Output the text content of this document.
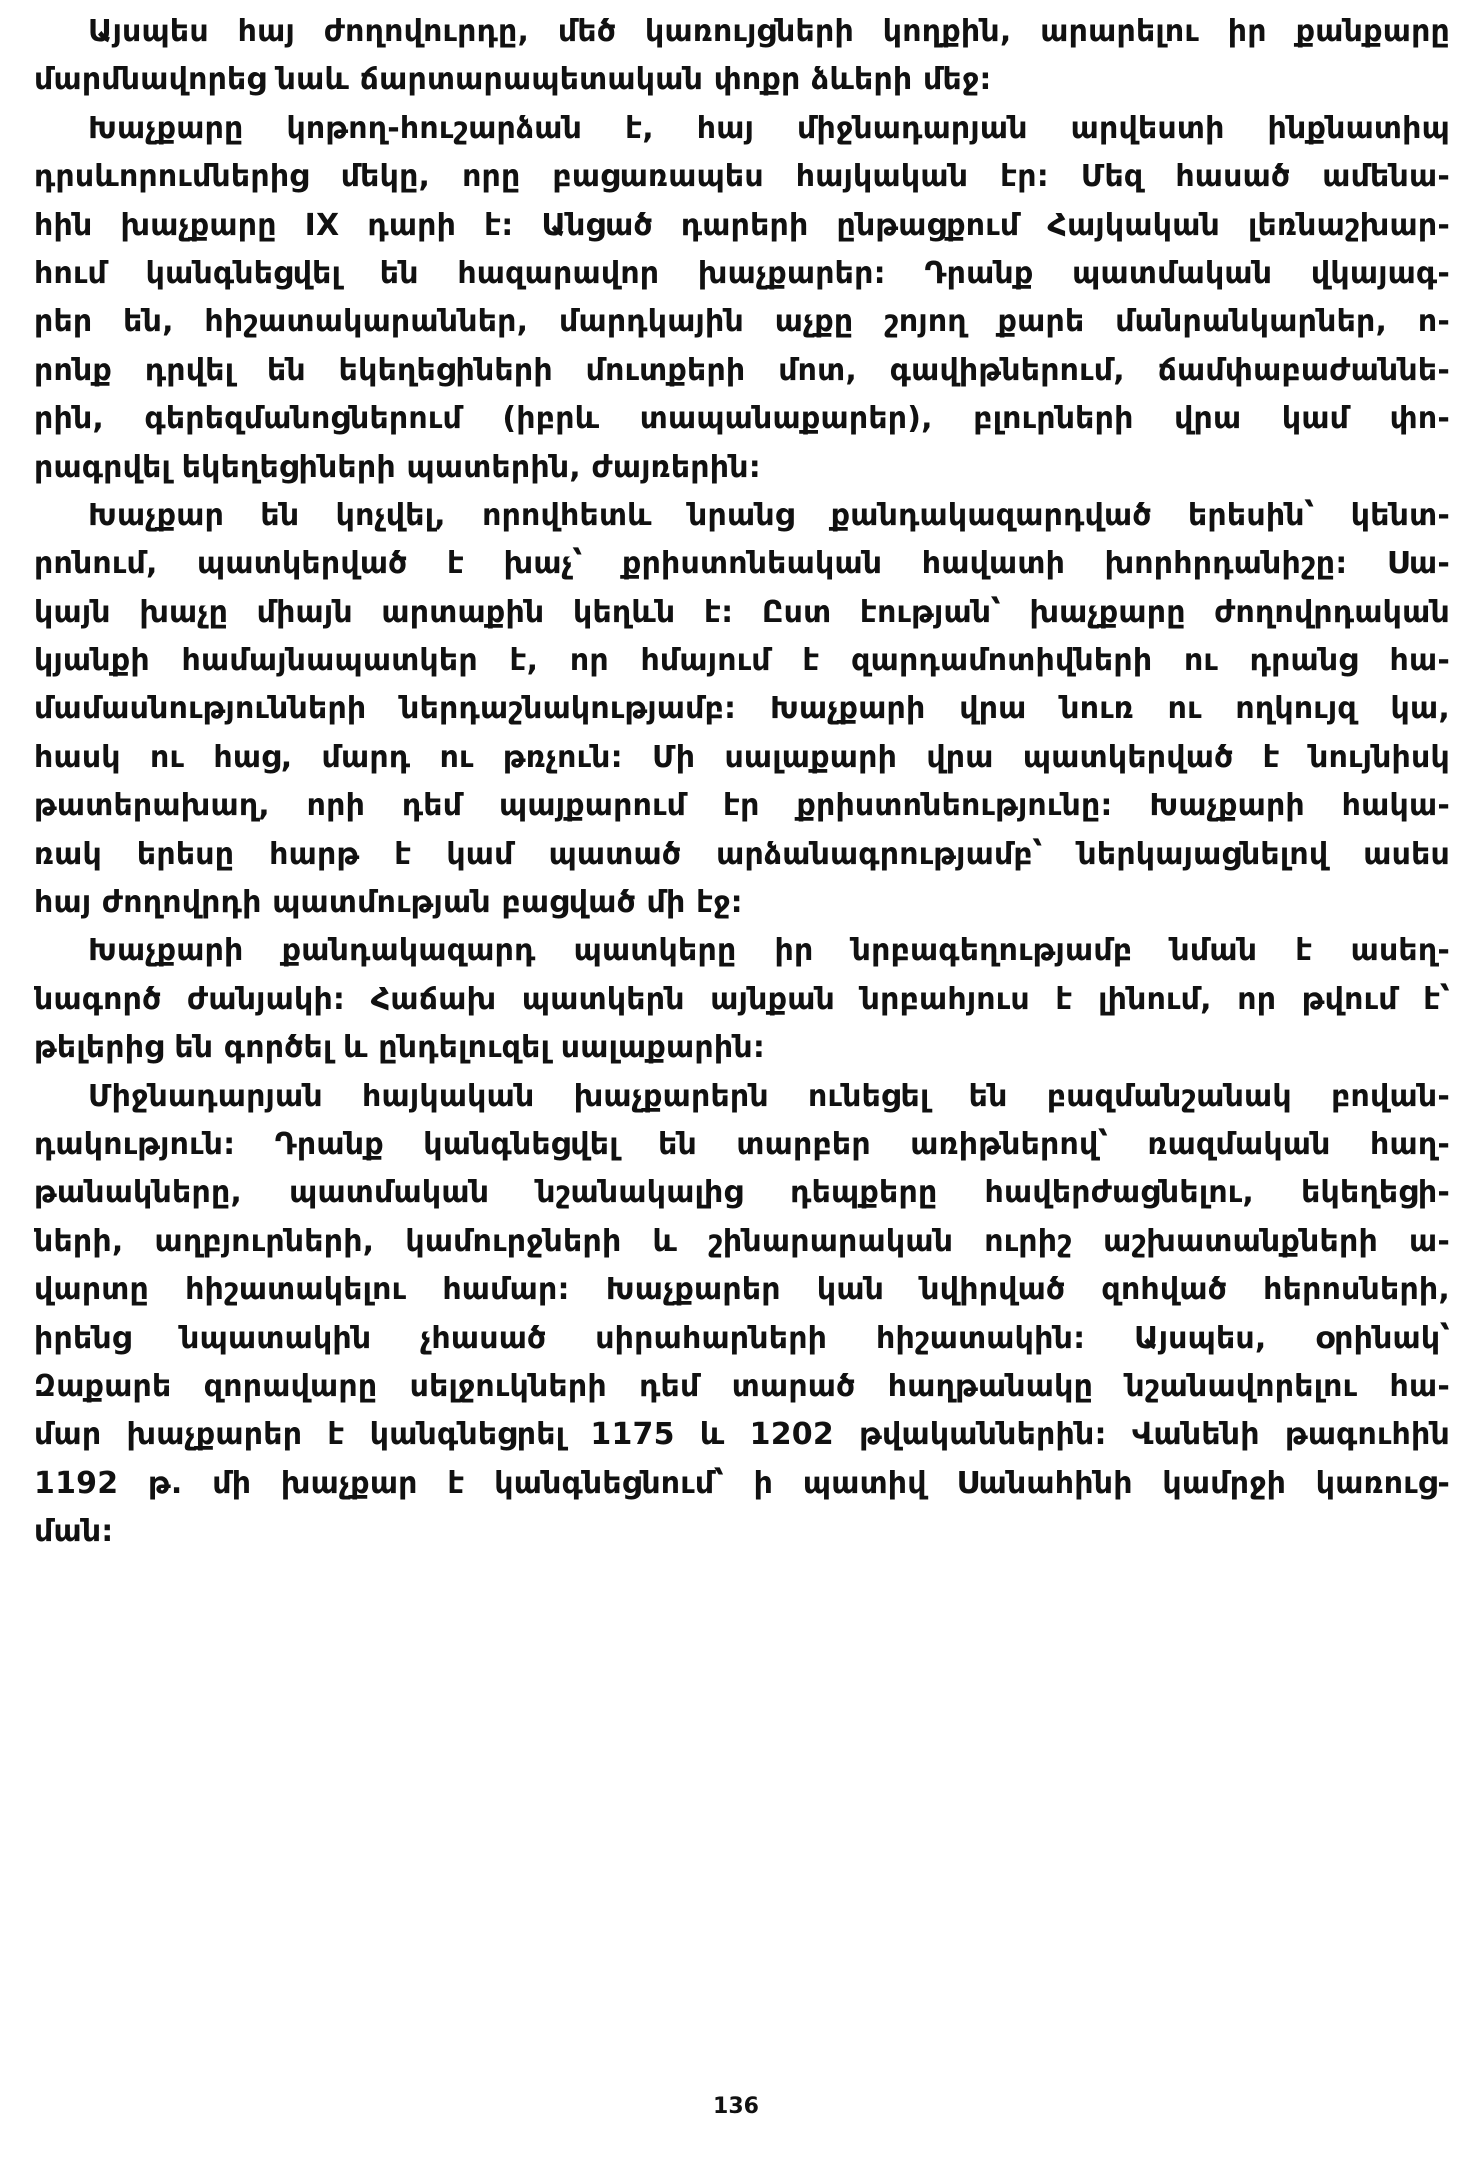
Այսպես հայ ժողովուրդը, մեծ կառույցների կողքին, արարելու իր քանքարը
մարմնավորեց նաև ճարտարապետական փոքր ձևերի մեջ:
Խաչքարը կոթող-հուշարձան է, հայ միջնադարյան արվեստի ինքնատիպ
դրսևորումներից մեկը, որը բացառապես հայկական էր: Մեզ հասած ամենա-
հին խաչքարը IX դարի է: Անցած դարերի ընթացքում Հայկական լեռնաշխար-
հում կանգնեցվել են հազարավոր խաչքարեր: Դրանք պատմական վկայագ-
րեր են, հիշատակարաններ, մարդկային աչքը շոյող քարե մանրանկարներ, ո-
րոնք դրվել են եկեղեցիների մուտքերի մոտ, գավիթներում, ճամփաբաժաննե-
րին, գերեզմանոցներում (իբրև տապանաքարեր), բլուրների վրա կամ փո-
րագրվել եկեղեցիների պատերին, ժայռերին:
Խաչքար են կոչվել, որովհետև նրանց քանդակազարդված երեսին՝ կենտ-
րոնում, պատկերված է խաչ՝ քրիստոնեական հավատի խորհրդանիշը: Սա-
կայն խաչը միայն արտաքին կեղևն է: Ըստ էության՝ խաչքարը ժողովրդական
կյանքի համայնապատկեր է, որ հմայում է զարդամոտիվների ու դրանց հա-
մամասնությունների ներդաշնակությամբ: Խաչքարի վրա նուռ ու ողկույզ կա,
հասկ ու հաց, մարդ ու թռչուն: Մի սալաքարի վրա պատկերված է նույնիսկ
թատերախաղ, որի դեմ պայքարում էր քրիստոնեությունը: Խաչքարի հակա-
ռակ երեսը հարթ է կամ պատած արձանագրությամբ՝ ներկայացնելով ասես
հայ ժողովրդի պատմության բացված մի էջ:
Խաչքարի քանդակազարդ պատկերը իր նրբագեղությամբ նման է ասեղ-
նագործ ժանյակի: Հաճախ պատկերն այնքան նրբահյուս է լինում, որ թվում է՝
թելերից են գործել և ընդելուզել սալաքարին:
Միջնադարյան հայկական խաչքարերն ունեցել են բազմանշանակ բովան-
դակություն: Դրանք կանգնեցվել են տարբեր առիթներով՝ ռազմական հաղ-
թանակները, պատմական նշանակալից դեպքերը հավերժացնելու, եկեղեցի-
ների, աղբյուրների, կամուրջների և շինարարական ուրիշ աշխատանքների ա-
վարտը հիշատակելու համար: Խաչքարեր կան նվիրված զոհված հերոսների,
իրենց նպատակին չհասած սիրահարների հիշատակին: Այսպես, օրինակ՝
Զաքարե զորավարը սելջուկների դեմ տարած հաղթանակը նշանավորելու հա-
մար խաչքարեր է կանգնեցրել 1175 և 1202 թվականներին: Վանենի թագուհին
1192 թ. մի խաչքար է կանգնեցնում՝ ի պատիվ Սանահինի կամրջի կառուց-
ման:
136
